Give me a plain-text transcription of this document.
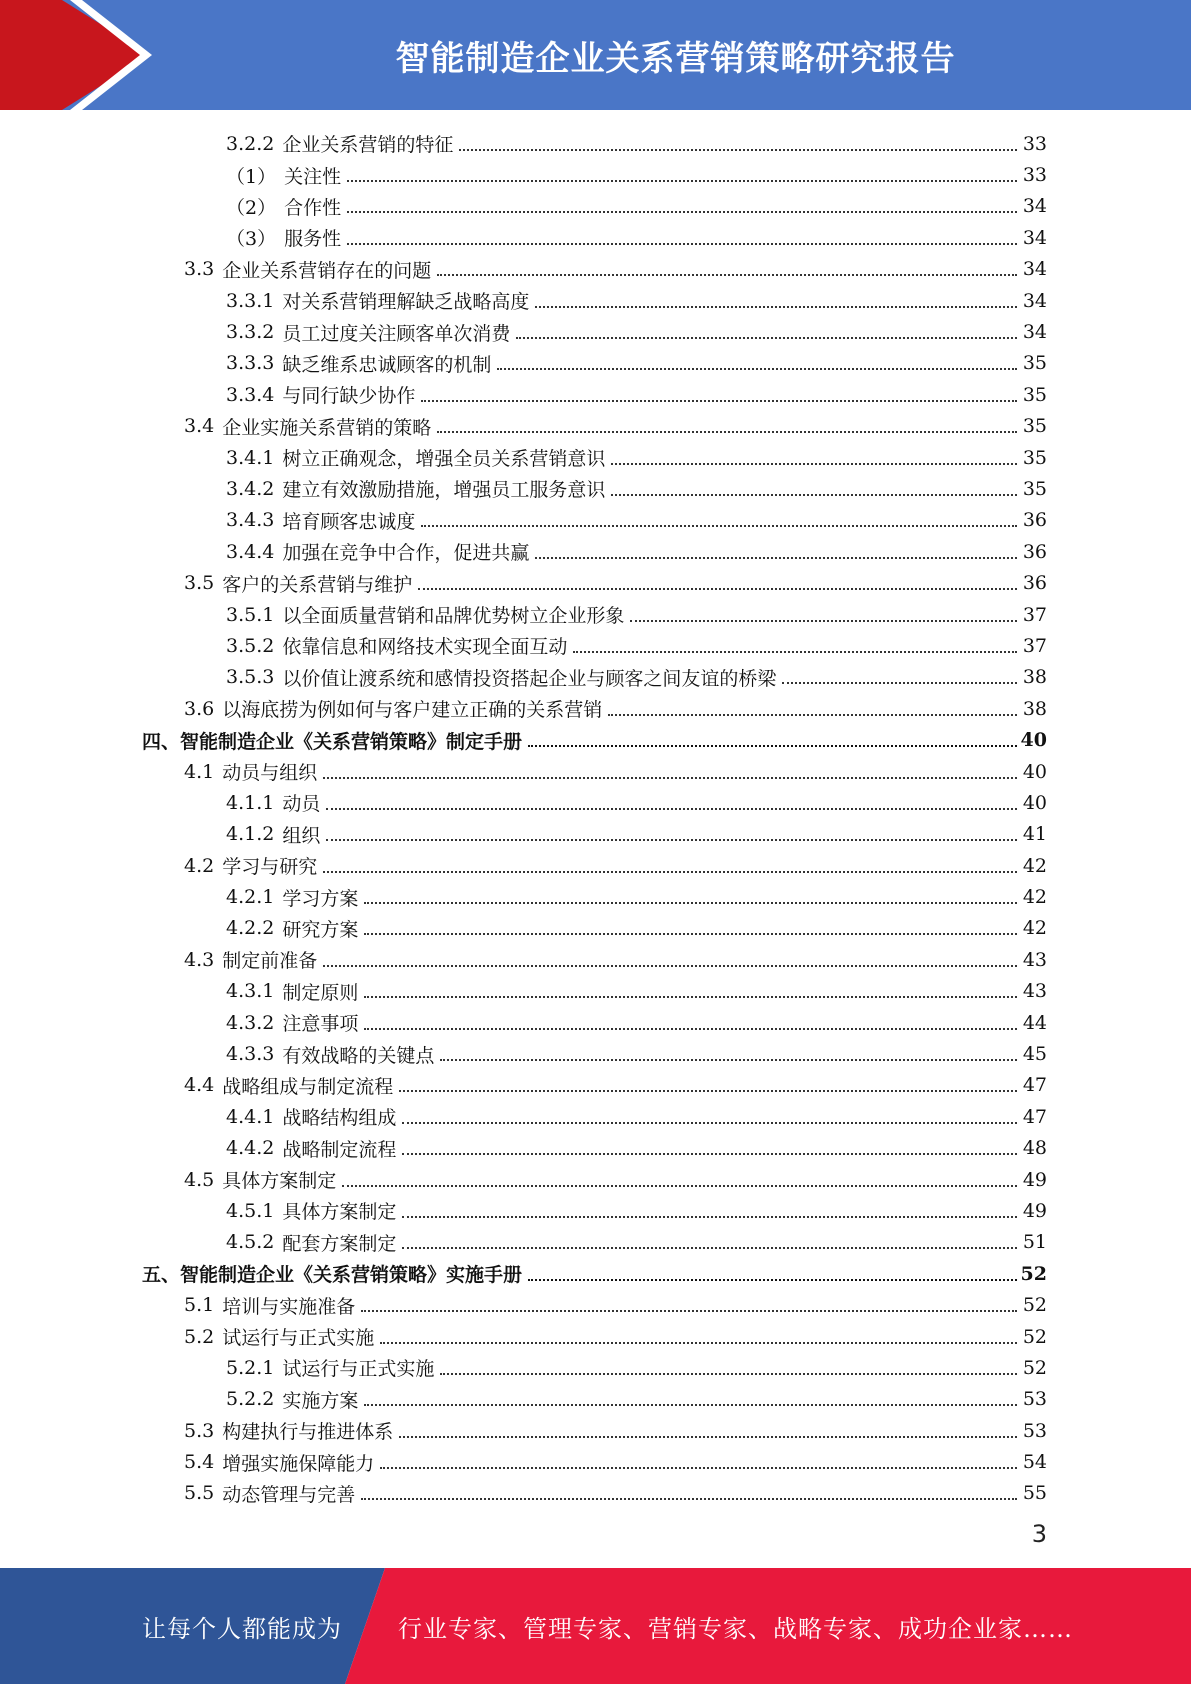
智能制造企业关系营销策略研究报告
3.2.2 企业关系营销的特征	33
（1） 关注性	33
（2） 合作性	34
（3） 服务性	34
3.3 企业关系营销存在的问题	34
3.3.1 对关系营销理解缺乏战略高度	34
3.3.2 员工过度关注顾客单次消费	34
3.3.3 缺乏维系忠诚顾客的机制	35
3.3.4 与同行缺少协作	35
3.4 企业实施关系营销的策略	35
3.4.1 树立正确观念，增强全员关系营销意识	35
3.4.2 建立有效激励措施，增强员工服务意识	35
3.4.3 培育顾客忠诚度	36
3.4.4 加强在竞争中合作，促进共赢	36
3.5 客户的关系营销与维护	36
3.5.1 以全面质量营销和品牌优势树立企业形象	37
3.5.2 依靠信息和网络技术实现全面互动	37
3.5.3 以价值让渡系统和感情投资搭起企业与顾客之间友谊的桥梁	38
3.6 以海底捞为例如何与客户建立正确的关系营销	38
四、 智能制造企业《关系营销策略》制定手册	40
4.1 动员与组织	40
4.1.1 动员	40
4.1.2 组织	41
4.2 学习与研究	42
4.2.1 学习方案	42
4.2.2 研究方案	42
4.3 制定前准备	43
4.3.1 制定原则	43
4.3.2 注意事项	44
4.3.3 有效战略的关键点	45
4.4 战略组成与制定流程	47
4.4.1 战略结构组成	47
4.4.2 战略制定流程	48
4.5 具体方案制定	49
4.5.1 具体方案制定	49
4.5.2 配套方案制定	51
五、 智能制造企业《关系营销策略》实施手册	52
5.1 培训与实施准备	52
5.2 试运行与正式实施	52
5.2.1 试运行与正式实施	52
5.2.2 实施方案	53
5.3 构建执行与推进体系	53
5.4 增强实施保障能力	54
5.5 动态管理与完善	55
3
让每个人都能成为 行业专家、管理专家、营销专家、战略专家、成功企业家……
